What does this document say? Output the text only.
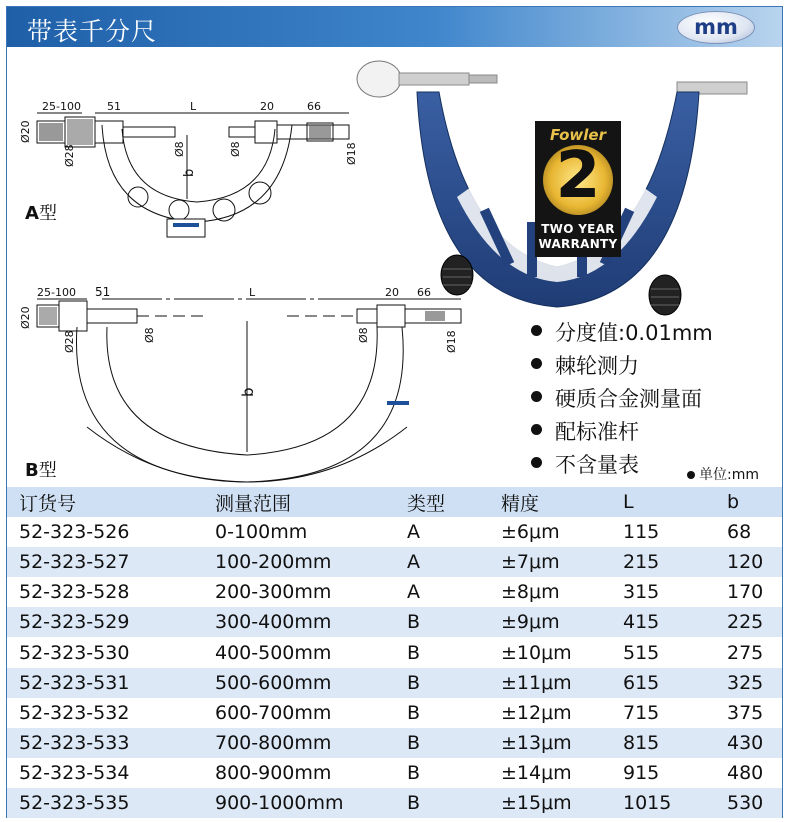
带表千分尺	mm
25-100 51	L	20	66
Ø20
Ø28	Ø8	Ø8	Ø18
b
A型
25-100 51	L	20 66
Ø20
Ø28	Ø8	Ø8	Ø18
b
B型
Fowler
2
TWO YEAR
WARRANTY
分度值:0.01mm
棘轮测力
硬质合金测量面
配标准杆
不含量表	单位:mm
订货号	测量范围	类型	精度	L	b
52-323-526	0-100mm	A	±6μm	115	68
52-323-527	100-200mm	A	±7μm	215	120
52-323-528	200-300mm	A	±8μm	315	170
52-323-529	300-400mm	B	±9μm	415	225
52-323-530	400-500mm	B	±10μm	515	275
52-323-531	500-600mm	B	±11μm	615	325
52-323-532	600-700mm	B	±12μm	715	375
52-323-533	700-800mm	B	±13μm	815	430
52-323-534	800-900mm	B	±14μm	915	480
52-323-535	900-1000mm	B	±15μm	1015	530
